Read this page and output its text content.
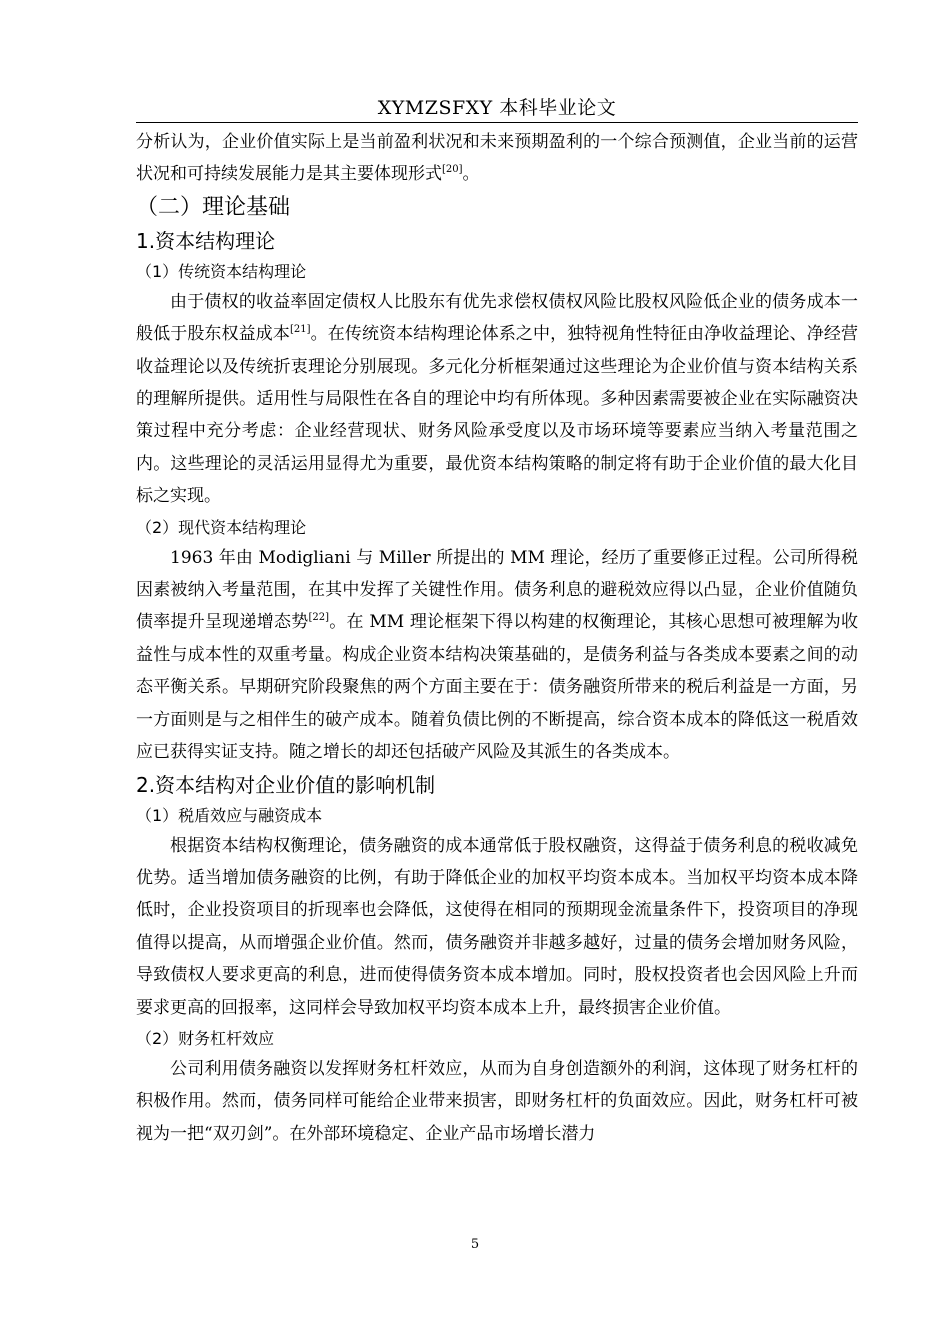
XYMZSFXY 本科毕业论文

分析认为，企业价值实际上是当前盈利状况和未来预期盈利的一个综合预测值，企业当前的运营状况和可持续发展能力是其主要体现形式[20]。

（二）理论基础
1.资本结构理论
（1）传统资本结构理论

由于债权的收益率固定债权人比股东有优先求偿权债权风险比股权风险低企业的债务成本一般低于股东权益成本[21]。在传统资本结构理论体系之中，独特视角性特征由净收益理论、净经营收益理论以及传统折衷理论分别展现。多元化分析框架通过这些理论为企业价值与资本结构关系的理解所提供。适用性与局限性在各自的理论中均有所体现。多种因素需要被企业在实际融资决策过程中充分考虑：企业经营现状、财务风险承受度以及市场环境等要素应当纳入考量范围之内。这些理论的灵活运用显得尤为重要，最优资本结构策略的制定将有助于企业价值的最大化目标之实现。

（2）现代资本结构理论

1963 年由 Modigliani 与 Miller 所提出的 MM 理论，经历了重要修正过程。公司所得税因素被纳入考量范围，在其中发挥了关键性作用。债务利息的避税效应得以凸显，企业价值随负债率提升呈现递增态势[22]。在 MM 理论框架下得以构建的权衡理论，其核心思想可被理解为收益性与成本性的双重考量。构成企业资本结构决策基础的，是债务利益与各类成本要素之间的动态平衡关系。早期研究阶段聚焦的两个方面主要在于：债务融资所带来的税后利益是一方面，另一方面则是与之相伴生的破产成本。随着负债比例的不断提高，综合资本成本的降低这一税盾效应已获得实证支持。随之增长的却还包括破产风险及其派生的各类成本。

2.资本结构对企业价值的影响机制
（1）税盾效应与融资成本

根据资本结构权衡理论，债务融资的成本通常低于股权融资，这得益于债务利息的税收减免优势。适当增加债务融资的比例，有助于降低企业的加权平均资本成本。当加权平均资本成本降低时，企业投资项目的折现率也会降低，这使得在相同的预期现金流量条件下，投资项目的净现值得以提高，从而增强企业价值。然而，债务融资并非越多越好，过量的债务会增加财务风险，导致债权人要求更高的利息，进而使得债务资本成本增加。同时，股权投资者也会因风险上升而要求更高的回报率，这同样会导致加权平均资本成本上升，最终损害企业价值。

（2）财务杠杆效应

公司利用债务融资以发挥财务杠杆效应，从而为自身创造额外的利润，这体现了财务杠杆的积极作用。然而，债务同样可能给企业带来损害，即财务杠杆的负面效应。因此，财务杠杆可被视为一把“双刃剑”。在外部环境稳定、企业产品市场增长潜力

5
